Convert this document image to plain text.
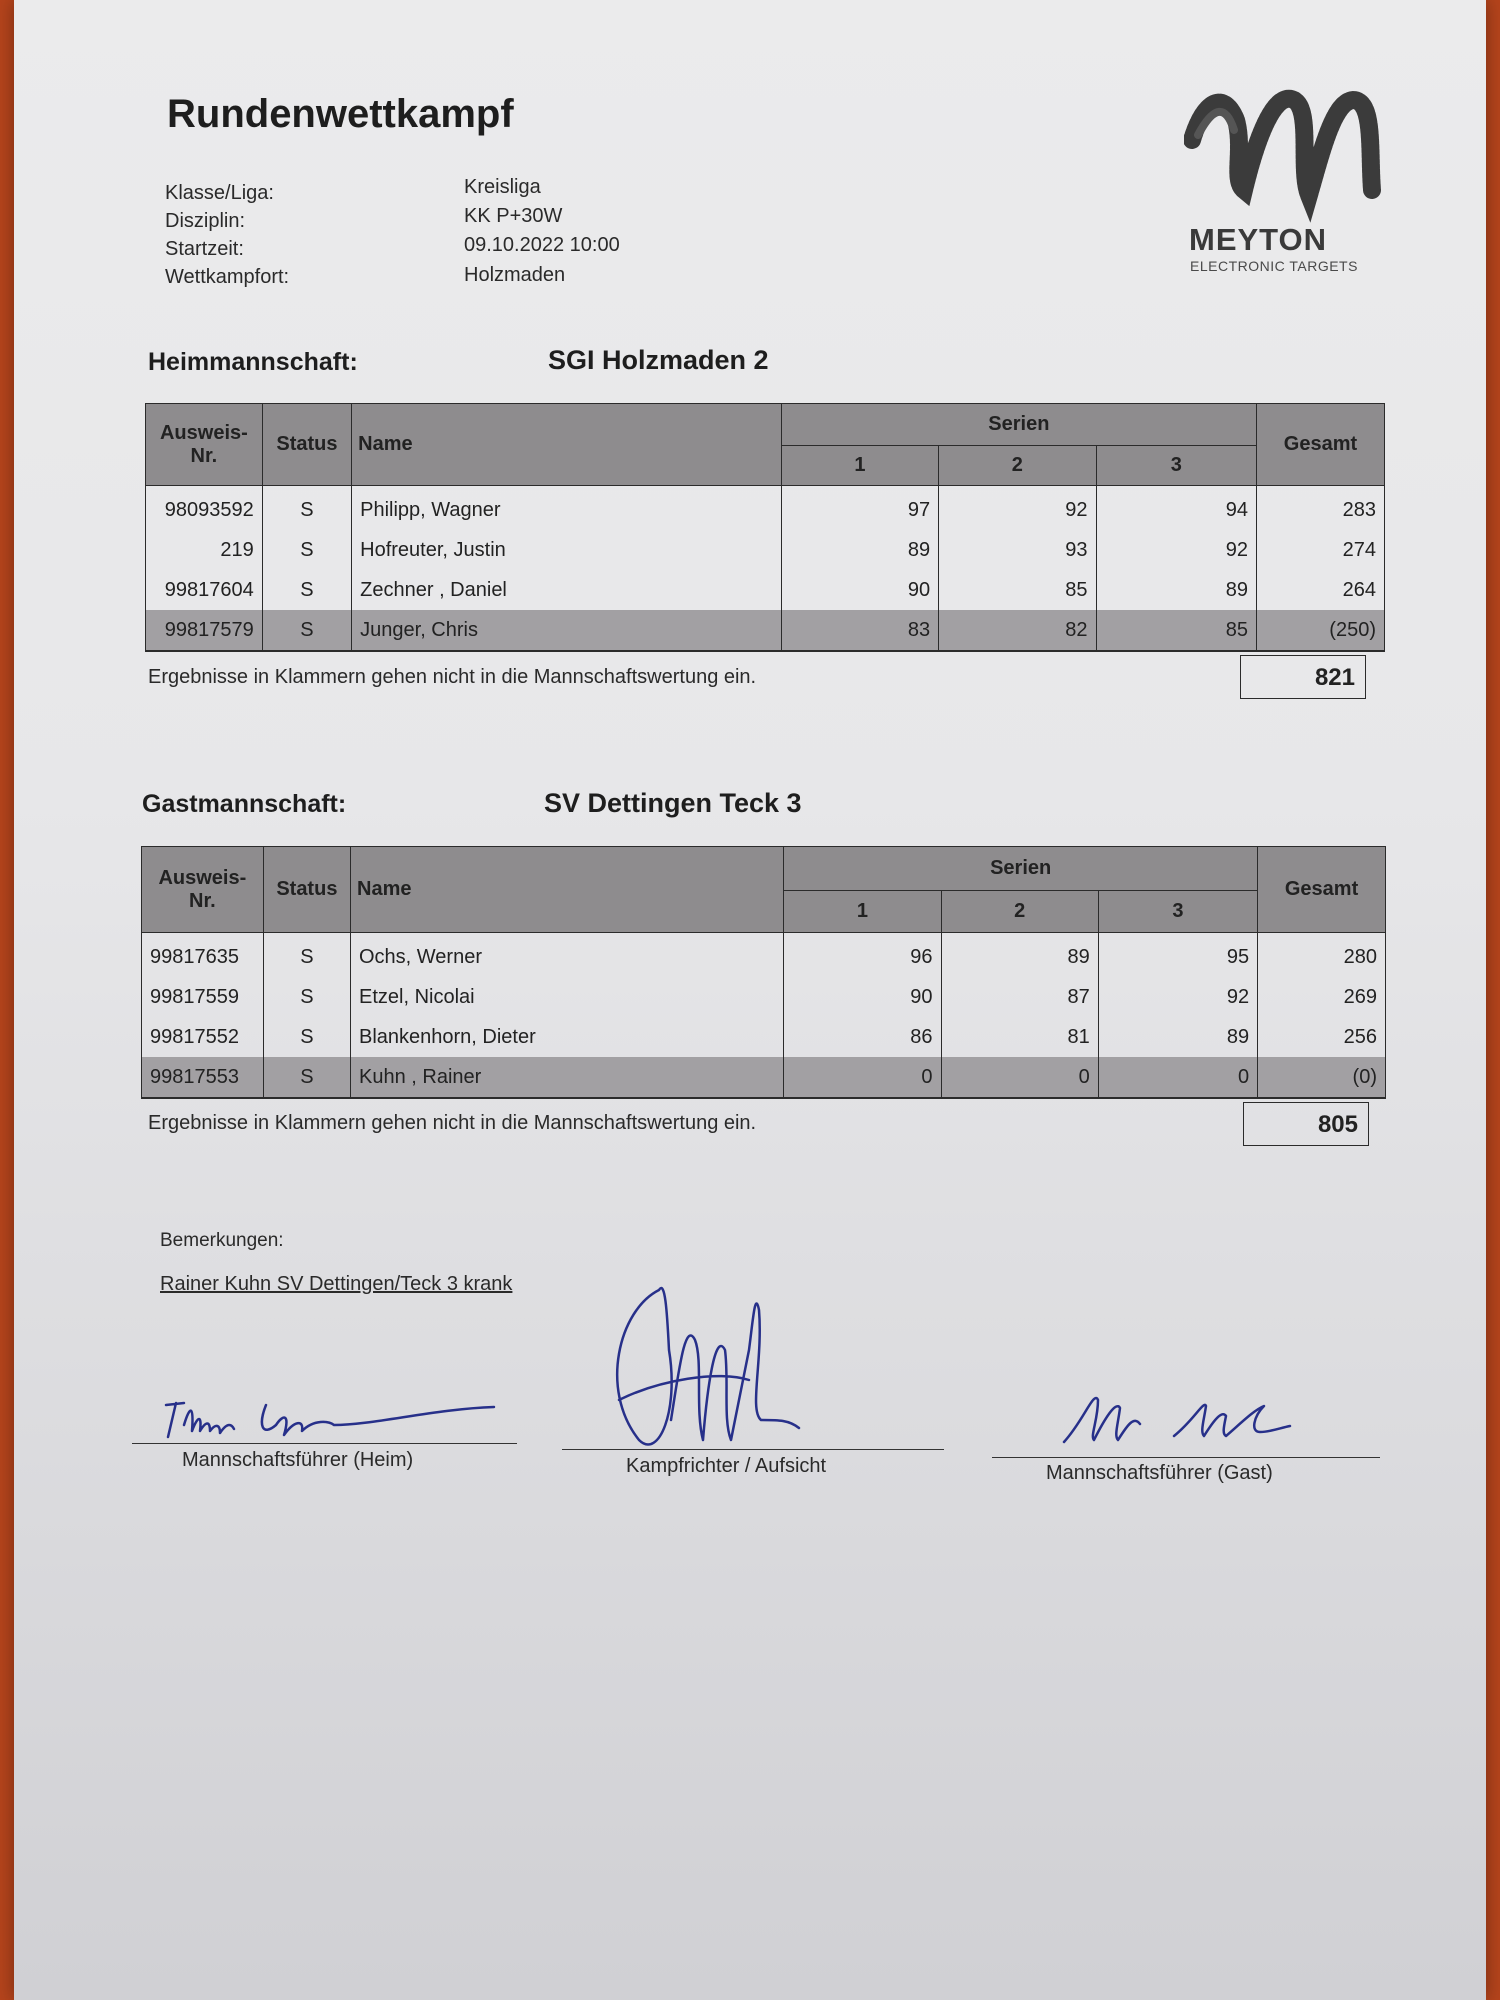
Rundenwettkampf
Klasse/Liga:	Kreisliga
Disziplin:	KK P+30W
Startzeit:	09.10.2022 10:00
Wettkampfort:	Holzmaden
MEYTON
ELECTRONIC TARGETS
Heimmannschaft:	SGI Holzmaden 2
Ausweis-
Nr.	Status	Name	Serien			Gesamt
			1	2	3	
98093592	S	Philipp, Wagner	97	92	94	283
219	S	Hofreuter, Justin	89	93	92	274
99817604	S	Zechner , Daniel	90	85	89	264
99817579	S	Junger, Chris	83	82	85	(250)
Ergebnisse in Klammern gehen nicht in die Mannschaftswertung ein.	821
Gastmannschaft:	SV Dettingen Teck 3
Ausweis-
Nr.	Status	Name	Serien			Gesamt
			1	2	3	
99817635	S	Ochs, Werner	96	89	95	280
99817559	S	Etzel, Nicolai	90	87	92	269
99817552	S	Blankenhorn, Dieter	86	81	89	256
99817553	S	Kuhn , Rainer	0	0	0	(0)
Ergebnisse in Klammern gehen nicht in die Mannschaftswertung ein.	805
Bemerkungen:
Rainer Kuhn SV Dettingen/Teck 3 krank
Mannschaftsführer (Heim)	Kampfrichter / Aufsicht	Mannschaftsführer (Gast)
